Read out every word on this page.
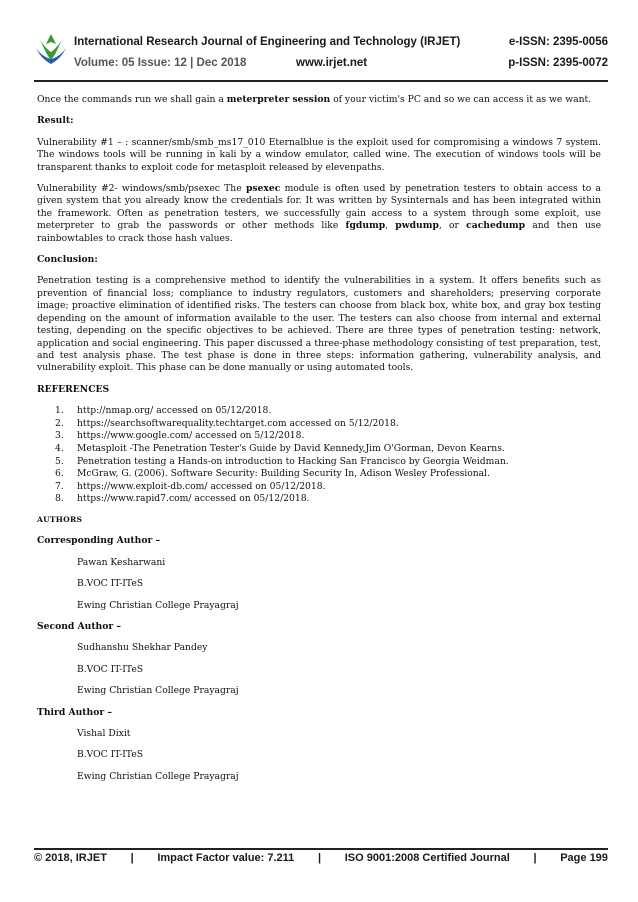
International Research Journal of Engineering and Technology (IRJET)	e-ISSN: 2395-0056
Volume: 05 Issue: 12 | Dec 2018	www.irjet.net	p-ISSN: 2395-0072

Once the commands run we shall gain a meterpreter session of your victim's PC and so we can access it as we want.

Result:

Vulnerability #1 – : scanner/smb/smb_ms17_010 Eternalblue is the exploit used for compromising a windows 7 system. The windows tools will be running in kali by a window emulator, called wine. The execution of windows tools will be transparent thanks to exploit code for metasploit released by elevenpaths.

Vulnerability #2- windows/smb/psexec The psexec module is often used by penetration testers to obtain access to a given system that you already know the credentials for. It was written by Sysinternals and has been integrated within the framework. Often as penetration testers, we successfully gain access to a system through some exploit, use meterpreter to grab the passwords or other methods like fgdump, pwdump, or cachedump and then use rainbowtables to crack those hash values.

Conclusion:

Penetration testing is a comprehensive method to identify the vulnerabilities in a system. It offers benefits such as prevention of financial loss; compliance to industry regulators, customers and shareholders; preserving corporate image; proactive elimination of identified risks. The testers can choose from black box, white box, and gray box testing depending on the amount of information available to the user. The testers can also choose from internal and external testing, depending on the specific objectives to be achieved. There are three types of penetration testing: network, application and social engineering. This paper discussed a three-phase methodology consisting of test preparation, test, and test analysis phase. The test phase is done in three steps: information gathering, vulnerability analysis, and vulnerability exploit. This phase can be done manually or using automated tools.

REFERENCES

1. http://nmap.org/ accessed on 05/12/2018.
2. https://searchsoftwarequality.techtarget.com accessed on 5/12/2018.
3. https://www.google.com/ accessed on 5/12/2018.
4. Metasploit -The Penetration Tester's Guide by David Kennedy,Jim O'Gorman, Devon Kearns.
5. Penetration testing a Hands-on introduction to Hacking San Francisco by Georgia Weidman.
6. McGraw, G. (2006). Software Security: Building Security In, Adison Wesley Professional.
7. https://www.exploit-db.com/ accessed on 05/12/2018.
8. https://www.rapid7.com/ accessed on 05/12/2018.

AUTHORS

Corresponding Author –

Pawan Kesharwani

B.VOC IT-ITeS

Ewing Christian College Prayagraj

Second Author –

Sudhanshu Shekhar Pandey

B.VOC IT-ITeS

Ewing Christian College Prayagraj

Third Author –

Vishal Dixit

B.VOC IT-ITeS

Ewing Christian College Prayagraj

© 2018, IRJET | Impact Factor value: 7.211 | ISO 9001:2008 Certified Journal | Page 199
